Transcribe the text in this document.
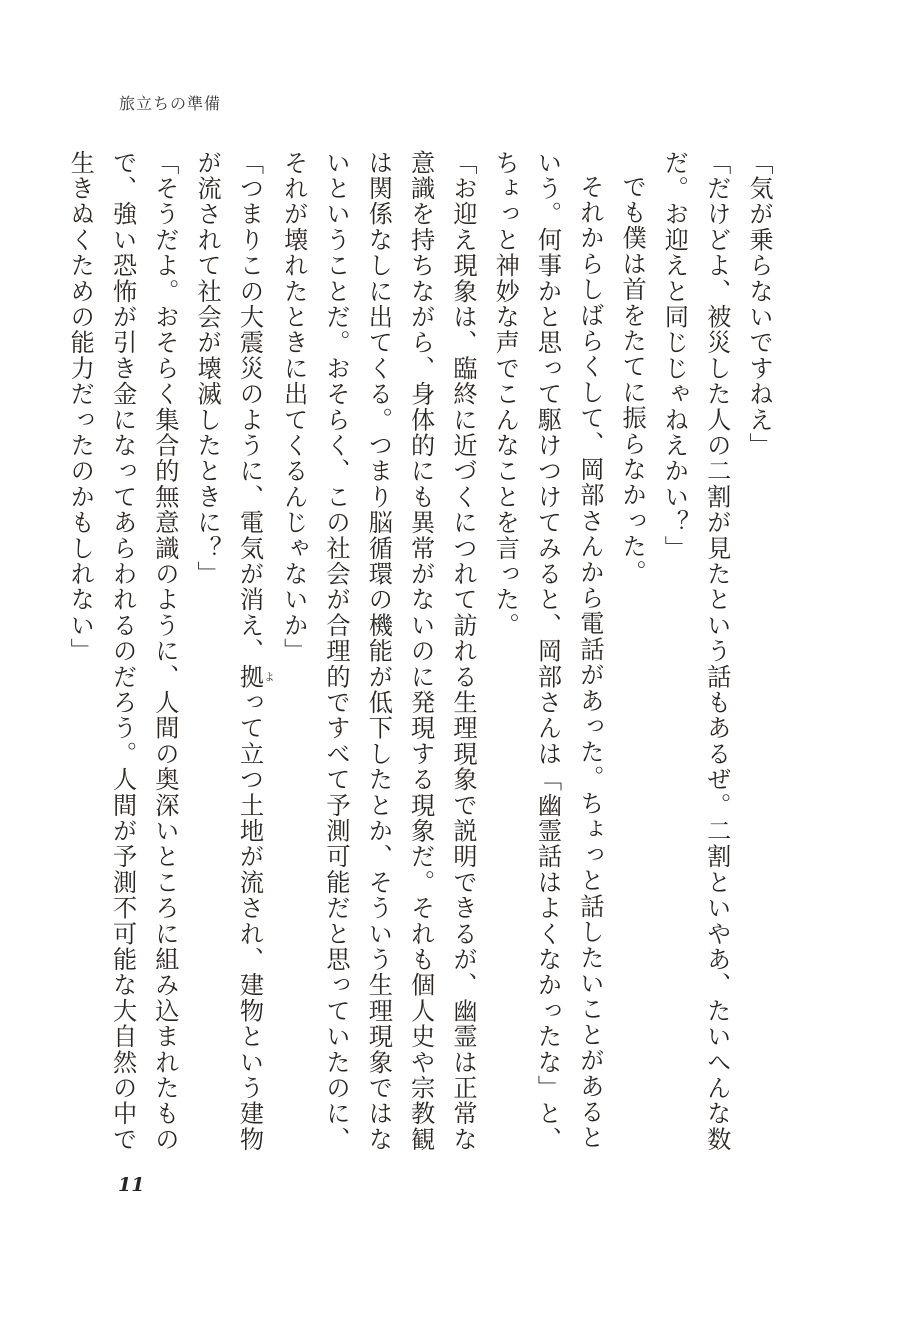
旅立ちの準備

「気が乗らないですねえ」

「だけどよ、被災した人の二割が見たという話もあるぜ。二割といやあ、たいへんな数だ。お迎えと同じじゃねえかい？」

でも僕は首をたてに振らなかった。

それからしばらくして、岡部さんから電話があった。ちょっと話したいことがあるという。何事かと思って駆けつけてみると、岡部さんは「幽霊話はよくなかったな」と、ちょっと神妙な声でこんなことを言った。

「お迎え現象は、臨終に近づくにつれて訪れる生理現象で説明できるが、幽霊は正常な意識を持ちながら、身体的にも異常がないのに発現する現象だ。それも個人史や宗教観は関係なしに出てくる。つまり脳循環の機能が低下したとか、そういう生理現象ではないということだ。おそらく、この社会が合理的ですべて予測可能だと思っていたのに、それが壊れたときに出てくるんじゃないか」

「つまりこの大震災のように、電気が消え、拠よって立つ土地が流され、建物という建物が流されて社会が壊滅したときに？」

「そうだよ。おそらく集合的無意識のように、人間の奥深いところに組み込まれたもので、強い恐怖が引き金になってあらわれるのだろう。人間が予測不可能な大自然の中で生きぬくための能力だったのかもしれない」

11
